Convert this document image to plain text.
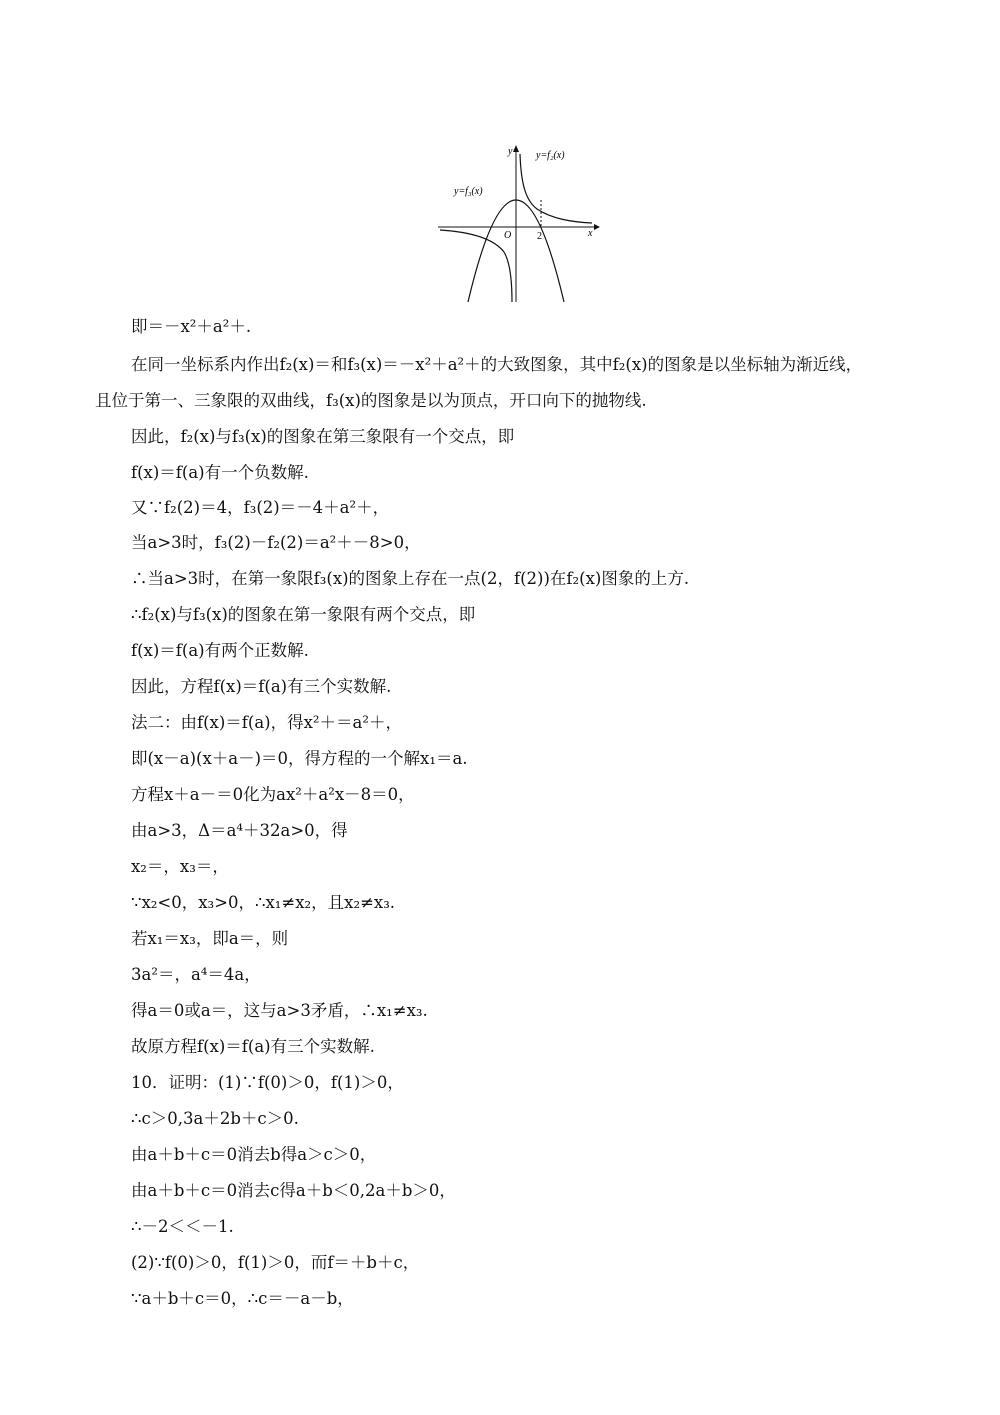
y
x
O	2
y=f₂(x)
y=f₃(x)
即＝－x²＋a²＋.
在同一坐标系内作出f₂(x)＝和f₃(x)＝－x²＋a²＋的大致图象，其中f₂(x)的图象是以坐标轴为渐近线，
且位于第一、三象限的双曲线，f₃(x)的图象是以为顶点，开口向下的抛物线.
因此，f₂(x)与f₃(x)的图象在第三象限有一个交点，即
f(x)＝f(a)有一个负数解.
又∵f₂(2)＝4，f₃(2)＝－4＋a²＋，
当a>3时，f₃(2)－f₂(2)＝a²＋－8>0，
∴当a>3时，在第一象限f₃(x)的图象上存在一点(2，f(2))在f₂(x)图象的上方.
∴f₂(x)与f₃(x)的图象在第一象限有两个交点，即
f(x)＝f(a)有两个正数解.
因此，方程f(x)＝f(a)有三个实数解.
法二：由f(x)＝f(a)，得x²＋＝a²＋，
即(x－a)(x＋a－)＝0，得方程的一个解x₁＝a.
方程x＋a－＝0化为ax²＋a²x－8＝0，
由a>3，Δ＝a⁴＋32a>0，得
x₂＝，x₃＝，
∵x₂<0，x₃>0，∴x₁≠x₂，且x₂≠x₃.
若x₁＝x₃，即a＝，则
3a²＝，a⁴＝4a，
得a＝0或a＝，这与a>3矛盾，∴x₁≠x₃.
故原方程f(x)＝f(a)有三个实数解.
10．证明：(1)∵f(0)＞0，f(1)＞0，
∴c＞0,3a＋2b＋c＞0.
由a＋b＋c＝0消去b得a＞c＞0，
由a＋b＋c＝0消去c得a＋b＜0,2a＋b＞0，
∴－2＜＜－1.
(2)∵f(0)＞0，f(1)＞0，而f＝＋b＋c，
∵a＋b＋c＝0，∴c＝－a－b，
